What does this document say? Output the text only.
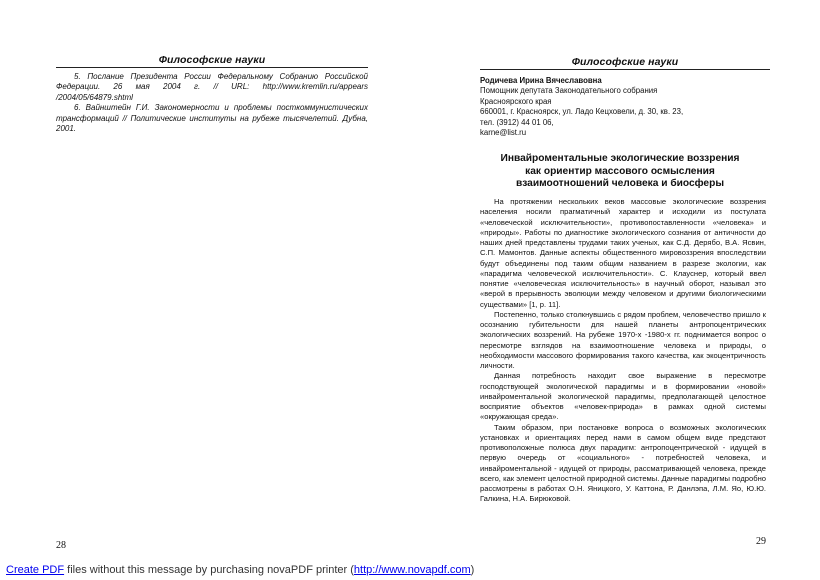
Философские науки

5. Послание Президента России Федеральному Собранию Российской Федерации. 26 мая 2004 г. // URL: http://www.kremlin.ru/appears /2004/05/64879.shtml

6. Вайнштейн Г.И. Закономерности и проблемы посткоммунистических трансформаций // Политические институты на рубеже тысячелетий. Дубна, 2001.

28
Философские науки
Родичева Ирина Вячеславовна
Помощник депутата Законодательного собрания
Красноярского края
660001, г. Красноярск, ул. Ладо Кецховели, д. 30, кв. 23,
тел. (3912) 44 01 06,
karne@list.ru
Инвайроментальные экологические воззрения
как ориентир массового осмысления
взаимоотношений человека и биосферы

На протяжении нескольких веков массовые экологические воззрения населения носили прагматичный характер и исходили из постулата «человеческой исключительности», противопоставленности «человека» и «природы». Работы по диагностике экологического сознания от античности до наших дней представлены трудами таких ученых, как С.Д. Дерябо, В.А. Ясвин, С.П. Мамонтов. Данные аспекты общественного мировоззрения впоследствии будут объединены под таким общим названием в разрезе экологии, как «парадигма человеческой исключительности». С. Клауснер, который ввел понятие «человеческая исключительность» в научный оборот, называл это «верой в прерывность эволюции между человеком и другими биологическими существами» [1, р. 11].

Постепенно, только столкнувшись с рядом проблем, человечество пришло к осознанию губительности для нашей планеты антропоцентрических экологических воззрений. На рубеже 1970-х -1980-х гг. поднимается вопрос о пересмотре взглядов на взаимоотношение человека и природы, о необходимости массового формирования такого качества, как экоцентричность личности.

Данная потребность находит свое выражение в пересмотре господствующей экологической парадигмы и в формировании «новой» инвайроментальной экологической парадигмы, предполагающей целостное восприятие объектов «человек-природа» в рамках одной системы «окружающая среда».

Таким образом, при постановке вопроса о возможных экологических установках и ориентациях перед нами в самом общем виде предстают противоположные полюса двух парадигм: антропоцентрической - идущей в первую очередь от «социального» - потребностей человека, и инвайроментальной - идущей от природы, рассматривающей человека, прежде всего, как элемент целостной природной системы. Данные парадигмы подробно рассмотрены в работах О.Н. Яницкого, У. Каттона, Р. Данлэпа, Л.М. Яо, Ю.Ю. Галкина, Н.А. Бирюковой.

29
Create PDF files without this message by purchasing novaPDF printer (http://www.novapdf.com)
